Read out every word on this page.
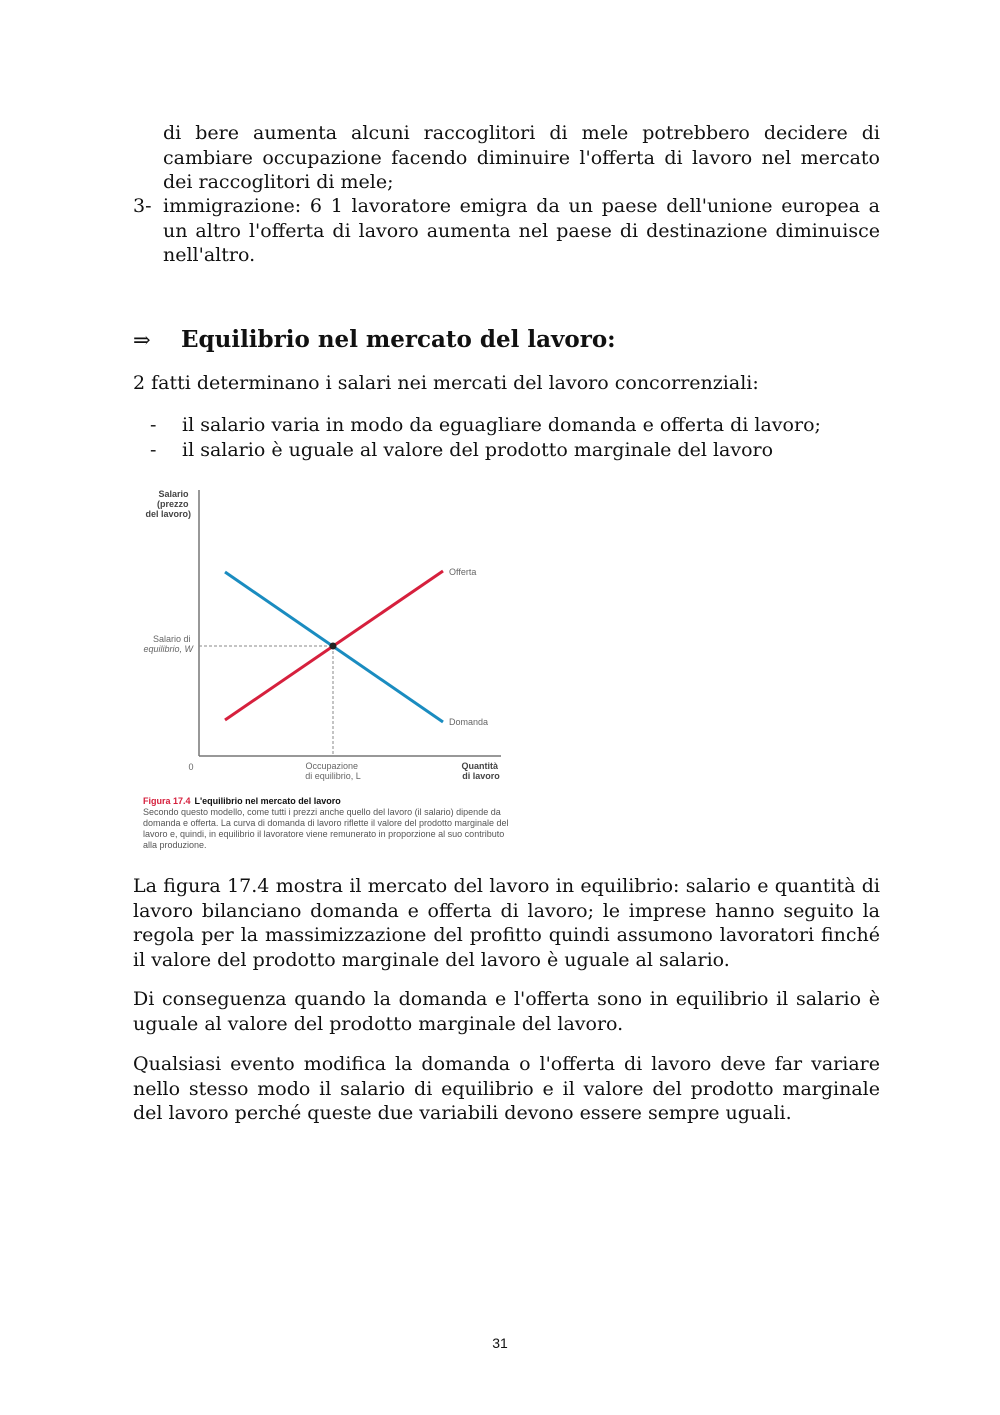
di bere aumenta alcuni raccoglitori di mele potrebbero decidere di cambiare occupazione facendo diminuire l'offerta di lavoro nel mercato dei raccoglitori di mele;

3- immigrazione: 6 1 lavoratore emigra da un paese dell'unione europea a un altro l'offerta di lavoro aumenta nel paese di destinazione diminuisce nell'altro.

⇒ Equilibrio nel mercato del lavoro:

2 fatti determinano i salari nei mercati del lavoro concorrenziali:

- il salario varia in modo da eguagliare domanda e offerta di lavoro;
- il salario è uguale al valore del prodotto marginale del lavoro
Salario (prezzo del lavoro)
Salario di equilibrio, W
0	Occupazione di equilibrio, L
Quantità di lavoro
Offerta
Domanda
Figura 17.4 L'equilibrio nel mercato del lavoro
Secondo questo modello, come tutti i prezzi anche quello del lavoro (il salario) dipende da domanda e offerta. La curva di domanda di lavoro riflette il valore del prodotto marginale del lavoro e, quindi, in equilibrio il lavoratore viene remunerato in proporzione al suo contributo alla produzione.

La figura 17.4 mostra il mercato del lavoro in equilibrio: salario e quantità di lavoro bilanciano domanda e offerta di lavoro; le imprese hanno seguito la regola per la massimizzazione del profitto quindi assumono lavoratori finché il valore del prodotto marginale del lavoro è uguale al salario.

Di conseguenza quando la domanda e l'offerta sono in equilibrio il salario è uguale al valore del prodotto marginale del lavoro.

Qualsiasi evento modifica la domanda o l'offerta di lavoro deve far variare nello stesso modo il salario di equilibrio e il valore del prodotto marginale del lavoro perché queste due variabili devono essere sempre uguali.

31
